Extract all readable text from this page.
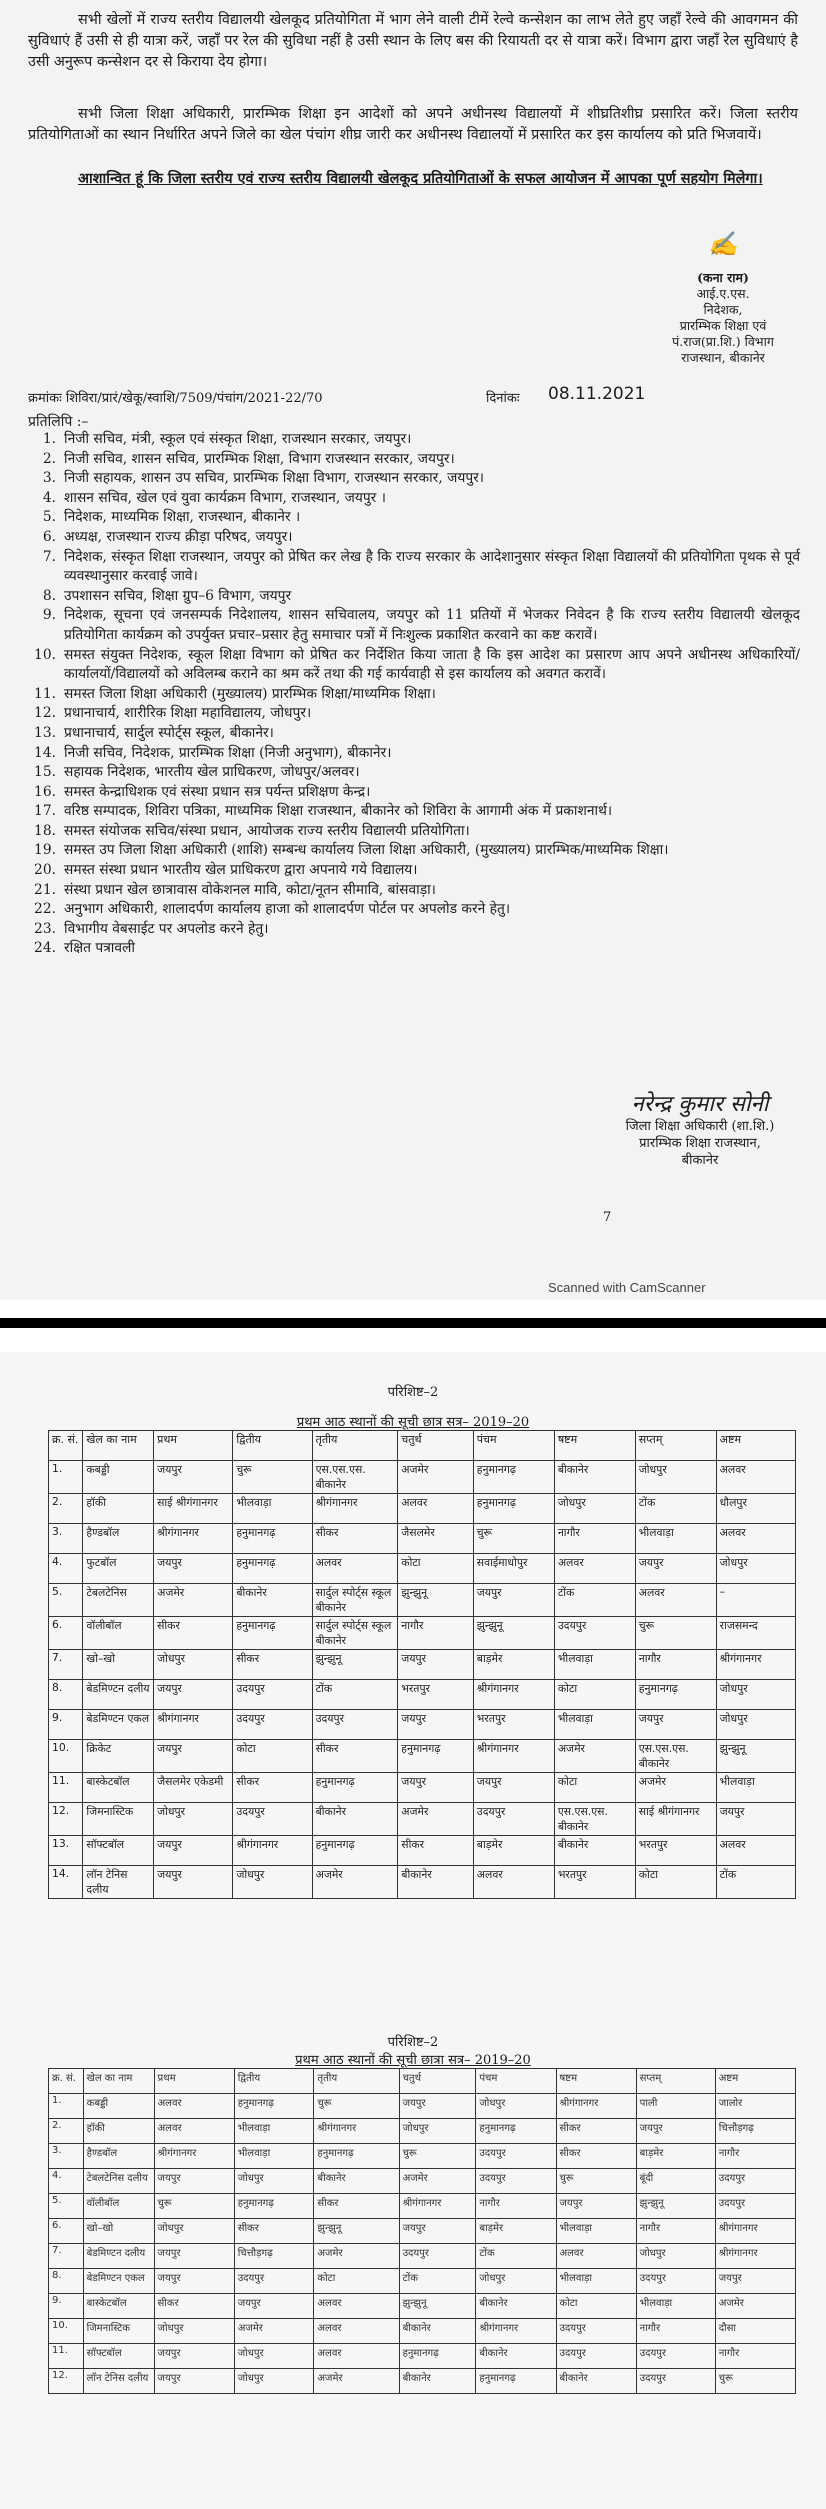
सभी खेलों में राज्य स्तरीय विद्यालयी खेलकूद प्रतियोगिता में भाग लेने वाली टीमें रेल्वे कन्सेशन का लाभ लेते हुए जहाँ रेल्वे की आवगमन की सुविधाएं हैं उसी से ही यात्रा करें, जहाँ पर रेल की सुविधा नहीं है उसी स्थान के लिए बस की रियायती दर से यात्रा करें। विभाग द्वारा जहाँ रेल सुविधाएं है उसी अनुरूप कन्सेशन दर से किराया देय होगा।

सभी जिला शिक्षा अधिकारी, प्रारम्भिक शिक्षा इन आदेशों को अपने अधीनस्थ विद्यालयों में शीघ्रतिशीघ्र प्रसारित करें। जिला स्तरीय प्रतियोगिताओं का स्थान निर्धारित अपने जिले का खेल पंचांग शीघ्र जारी कर अधीनस्थ विद्यालयों में प्रसारित कर इस कार्यालय को प्रति भिजवायें।

आशान्वित हूं कि जिला स्तरीय एवं राज्य स्तरीय विद्यालयी खेलकूद प्रतियोगिताओं के सफल आयोजन में आपका पूर्ण सहयोग मिलेगा।

✍
(कना राम)
आई.ए.एस.
निदेशक,
प्रारम्भिक शिक्षा एवं
पं.राज(प्रा.शि.) विभाग
राजस्थान, बीकानेर
क्रमांकः शिविरा/प्रारं/खेकू/स्वाशि/7509/पंचांग/2021-22/70	दिनांकः 08.11.2021
प्रतिलिपि :–
1. निजी सचिव, मंत्री, स्कूल एवं संस्कृत शिक्षा, राजस्थान सरकार, जयपुर।
2. निजी सचिव, शासन सचिव, प्रारम्भिक शिक्षा, विभाग राजस्थान सरकार, जयपुर।
3. निजी सहायक, शासन उप सचिव, प्रारम्भिक शिक्षा विभाग, राजस्थान सरकार, जयपुर।
4. शासन सचिव, खेल एवं युवा कार्यक्रम विभाग, राजस्थान, जयपुर ।
5. निदेशक, माध्यमिक शिक्षा, राजस्थान, बीकानेर ।
6. अध्यक्ष, राजस्थान राज्य क्रीड़ा परिषद, जयपुर।
7. निदेशक, संस्कृत शिक्षा राजस्थान, जयपुर को प्रेषित कर लेख है कि राज्य सरकार के आदेशानुसार संस्कृत शिक्षा विद्यालयों की प्रतियोगिता पृथक से पूर्व व्यवस्थानुसार करवाई जावे।
8. उपशासन सचिव, शिक्षा ग्रुप–6 विभाग, जयपुर
9. निदेशक, सूचना एवं जनसम्पर्क निदेशालय, शासन सचिवालय, जयपुर को 11 प्रतियों में भेजकर निवेदन है कि राज्य स्तरीय विद्यालयी खेलकूद प्रतियोगिता कार्यक्रम को उपर्युक्त प्रचार–प्रसार हेतु समाचार पत्रों में निःशुल्क प्रकाशित करवाने का कष्ट करावें।
10. समस्त संयुक्त निदेशक, स्कूल शिक्षा विभाग को प्रेषित कर निर्देशित किया जाता है कि इस आदेश का प्रसारण आप अपने अधीनस्थ अधिकारियों/कार्यालयों/विद्यालयों को अविलम्ब कराने का श्रम करें तथा की गई कार्यवाही से इस कार्यालय को अवगत करावें।
11. समस्त जिला शिक्षा अधिकारी (मुख्यालय) प्रारम्भिक शिक्षा/माध्यमिक शिक्षा।
12. प्रधानाचार्य, शारीरिक शिक्षा महाविद्यालय, जोधपुर।
13. प्रधानाचार्य, सार्दुल स्पोर्ट्स स्कूल, बीकानेर।
14. निजी सचिव, निदेशक, प्रारम्भिक शिक्षा (निजी अनुभाग), बीकानेर।
15. सहायक निदेशक, भारतीय खेल प्राधिकरण, जोधपुर/अलवर।
16. समस्त केन्द्राधिशक एवं संस्था प्रधान सत्र पर्यन्त प्रशिक्षण केन्द्र।
17. वरिष्ठ सम्पादक, शिविरा पत्रिका, माध्यमिक शिक्षा राजस्थान, बीकानेर को शिविरा के आगामी अंक में प्रकाशनार्थ।
18. समस्त संयोजक सचिव/संस्था प्रधान, आयोजक राज्य स्तरीय विद्यालयी प्रतियोगिता।
19. समस्त उप जिला शिक्षा अधिकारी (शाशि) सम्बन्ध कार्यालय जिला शिक्षा अधिकारी, (मुख्यालय) प्रारम्भिक/माध्यमिक शिक्षा।
20. समस्त संस्था प्रधान भारतीय खेल प्राधिकरण द्वारा अपनाये गये विद्यालय।
21. संस्था प्रधान खेल छात्रावास वोकेशनल मावि, कोटा/नूतन सीमावि, बांसवाड़ा।
22. अनुभाग अधिकारी, शालादर्पण कार्यालय हाजा को शालादर्पण पोर्टल पर अपलोड करने हेतु।
23. विभागीय वेबसाईट पर अपलोड करने हेतु।
24. रक्षित पत्रावली
नरेन्द्र कुमार सोनी
जिला शिक्षा अधिकारी (शा.शि.)
प्रारम्भिक शिक्षा राजस्थान,
बीकानेर
7
Scanned with CamScanner
परिशिष्ट–2
प्रथम आठ स्थानों की सूची छात्र सत्र– 2019–20
क्र. सं.	खेल का नाम	प्रथम	द्वितीय	तृतीय	चतुर्थ	पंचम	षष्टम	सप्तम्	अष्टम
1.	कबड्डी	जयपुर	चुरू	एस.एस.एस. बीकानेर	अजमेर	हनुमानगढ़	बीकानेर	जोधपुर	अलवर
2.	हॉकी	साई श्रीगंगानगर	भीलवाड़ा	श्रीगंगानगर	अलवर	हनुमानगढ़	जोधपुर	टोंक	धौलपुर
3.	हैण्डबॉल	श्रीगंगानगर	हनुमानगढ़	सीकर	जैसलमेर	चुरू	नागौर	भीलवाड़ा	अलवर
4.	फुटबॉल	जयपुर	हनुमानगढ़	अलवर	कोटा	सवाईमाधोपुर	अलवर	जयपुर	जोधपुर
5.	टेबलटेनिस	अजमेर	बीकानेर	सार्दुल स्पोर्ट्स स्कूल बीकानेर	झुन्झुनू	जयपुर	टोंक	अलवर	–
6.	वॉलीबॉल	सीकर	हनुमानगढ़	सार्दुल स्पोर्ट्स स्कूल बीकानेर	नागौर	झुन्झुनू	उदयपुर	चुरू	राजसमन्द
7.	खो–खो	जोधपुर	सीकर	झुन्झुनू	जयपुर	बाड़मेर	भीलवाड़ा	नागौर	श्रीगंगानगर
8.	बेडमिण्टन दलीय	जयपुर	उदयपुर	टोंक	भरतपुर	श्रीगंगानगर	कोटा	हनुमानगढ़	जोधपुर
9.	बेडमिण्टन एकल	श्रीगंगानगर	उदयपुर	उदयपुर	जयपुर	भरतपुर	भीलवाड़ा	जयपुर	जोधपुर
10.	क्रिकेट	जयपुर	कोटा	सीकर	हनुमानगढ़	श्रीगंगानगर	अजमेर	एस.एस.एस. बीकानेर	झुन्झुनू
11.	बास्केटबॉल	जैसलमेर एकेडमी	सीकर	हनुमानगढ़	जयपुर	जयपुर	कोटा	अजमेर	भीलवाड़ा
12.	जिमनास्टिक	जोधपुर	उदयपुर	बीकानेर	अजमेर	उदयपुर	एस.एस.एस. बीकानेर	साई श्रीगंगानगर	जयपुर
13.	सॉफ्टबॉल	जयपुर	श्रीगंगानगर	हनुमानगढ़	सीकर	बाड़मेर	बीकानेर	भरतपुर	अलवर
14.	लॉन टेनिस दलीय	जयपुर	जोधपुर	अजमेर	बीकानेर	अलवर	भरतपुर	कोटा	टोंक
परिशिष्ट–2
प्रथम आठ स्थानों की सूची छात्रा सत्र– 2019–20
क्र. सं.	खेल का नाम	प्रथम	द्वितीय	तृतीय	चतुर्थ	पंचम	षष्टम	सप्तम्	अष्टम
1.	कबड्डी	अलवर	हनुमानगढ़	चुरू	जयपुर	जोधपुर	श्रीगंगानगर	पाली	जालोर
2.	हॉकी	अलवर	भीलवाड़ा	श्रीगंगानगर	जोधपुर	हनुमानगढ़	सीकर	जयपुर	चित्तौड़गढ़
3.	हैण्डबॉल	श्रीगंगानगर	भीलवाड़ा	हनुमानगढ़	चुरू	उदयपुर	सीकर	बाड़मेर	नागौर
4.	टेबलटेनिस दलीय	जयपुर	जोधपुर	बीकानेर	अजमेर	उदयपुर	चुरू	बूंदी	उदयपुर
5.	वॉलीबॉल	चुरू	हनुमानगढ़	सीकर	श्रीगंगानगर	नागौर	जयपुर	झुन्झुनू	उदयपुर
6.	खो–खो	जोधपुर	सीकर	झुन्झुनू	जयपुर	बाड़मेर	भीलवाड़ा	नागौर	श्रीगंगानगर
7.	बेडमिण्टन दलीय	जयपुर	चित्तौड़गढ़	अजमेर	उदयपुर	टोंक	अलवर	जोधपुर	श्रीगंगानगर
8.	बेडमिण्टन एकल	जयपुर	उदयपुर	कोटा	टोंक	जोधपुर	भीलवाड़ा	उदयपुर	जयपुर
9.	बास्केटबॉल	सीकर	जयपुर	अलवर	झुन्झुनू	बीकानेर	कोटा	भीलवाड़ा	अजमेर
10.	जिमनास्टिक	जोधपुर	अजमेर	अलवर	बीकानेर	श्रीगंगानगर	उदयपुर	नागौर	दौसा
11.	सॉफ्टबॉल	जयपुर	जोधपुर	अलवर	हनुमानगढ़	बीकानेर	उदयपुर	उदयपुर	नागौर
12.	लॉन टेनिस दलीय	जयपुर	जोधपुर	अजमेर	बीकानेर	हनुमानगढ़	बीकानेर	उदयपुर	चुरू
